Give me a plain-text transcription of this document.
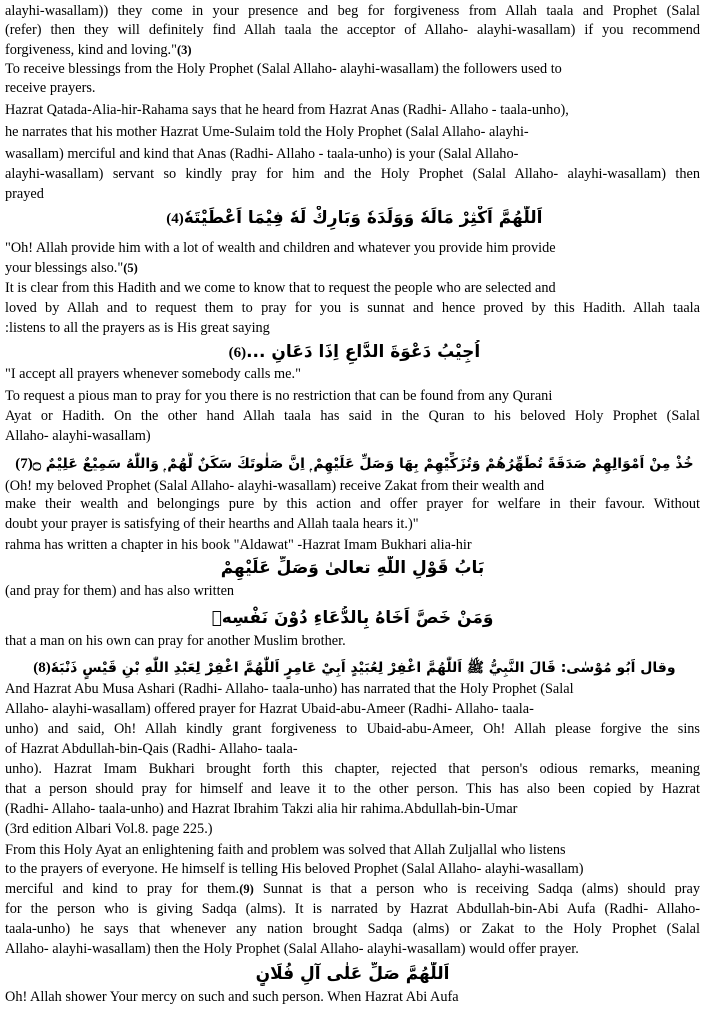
alayhi-wasallam)) they come in your presence and beg for forgiveness from Allah taala and Prophet (Salal
(refer) then they will definitely find Allah taala the acceptor of Allaho- alayhi-wasallam) if you recommend
forgiveness, kind and loving."(3)
To receive blessings from the Holy Prophet (Salal Allaho- alayhi-wasallam) the followers used to
receive prayers.
Hazrat Qatada-Alia-hir-Rahama says that he heard from Hazrat Anas (Radhi- Allaho - taala-unho),
he narrates that his mother Hazrat Ume-Sulaim told the Holy Prophet (Salal Allaho- alayhi-
wasallam) merciful and kind that Anas (Radhi- Allaho - taala-unho) is your (Salal Allaho-
alayhi-wasallam) servant so kindly pray for him and the Holy Prophet (Salal Allaho- alayhi-wasallam) then
prayed
"Oh! Allah provide him with a lot of wealth and children and whatever you provide him provide
your blessings also."(5)
It is clear from this Hadith and we come to know that to request the people who are selected and
loved by Allah and to request them to pray for you is sunnat and hence proved by this Hadith. Allah taala
:listens to all the prayers as is His great saying
"I accept all prayers whenever somebody calls me."
To request a pious man to pray for you there is no restriction that can be found from any Qurani
Ayat or Hadith. On the other hand Allah taala has said in the Quran to his beloved Holy Prophet (Salal
Allaho- alayhi-wasallam)
(Oh! my beloved Prophet (Salal Allaho- alayhi-wasallam) receive Zakat from their wealth and
make their wealth and belongings pure by this action and offer prayer for welfare in their favour. Without
doubt your prayer is satisfying of their hearths and Allah taala hears it.)"
rahma has written a chapter in his book "Aldawat" -Hazrat Imam Bukhari alia-hir
(and pray for them) and has also written
that a man on his own can pray for another Muslim brother.
And Hazrat Abu Musa Ashari (Radhi- Allaho- taala-unho) has narrated that the Holy Prophet (Salal
Allaho- alayhi-wasallam) offered prayer for Hazrat Ubaid-abu-Ameer (Radhi- Allaho- taala-
unho) and said, Oh! Allah kindly grant forgiveness to Ubaid-abu-Ameer, Oh! Allah please forgive the sins
of Hazrat Abdullah-bin-Qais (Radhi- Allaho- taala-
unho). Hazrat Imam Bukhari brought forth this chapter, rejected that person's odious remarks, meaning
that a person should pray for himself and leave it to the other person. This has also been copied by Hazrat
(Radhi- Allaho- taala-unho) and Hazrat Ibrahim Takzi alia hir rahima.Abdullah-bin-Umar
(3rd edition Albari Vol.8. page 225.)
From this Holy Ayat an enlightening faith and problem was solved that Allah Zuljallal who listens
to the prayers of everyone. He himself is telling His beloved Prophet (Salal Allaho- alayhi-wasallam)
merciful and kind to pray for them.(9) Sunnat is that a person who is receiving Sadqa (alms) should pray
for the person who is giving Sadqa (alms). It is narrated by Hazrat Abdullah-bin-Abi Aufa (Radhi- Allaho-
taala-unho) he says that whenever any nation brought Sadqa (alms) or Zakat to the Holy Prophet (Salal
Allaho- alayhi-wasallam) then the Holy Prophet (Salal Allaho- alayhi-wasallam) would offer prayer.
Oh! Allah shower Your mercy on such and such person. When Hazrat Abi Aufa
اَللّٰهُمَّ اَكْثِرْ مَالَهٗ وَوَلَدَهٗ وَبَارِكْ لَهٗ فِيْمَا اَعْطَيْتَهٗ (4)
اُجِيْبُ دَعْوَةَ الدَّاعِ اِذَا دَعَانِ ... (6)
خُذْ مِنْ اَمْوَالِهِمْ صَدَقَةً تُطَهِّرُهُمْ وَتُزَكِّيْهِمْ بِهَا وَصَلِّ عَلَيْهِمْ ۭ اِنَّ صَلٰوتَكَ سَكَنٌ لَّهُمْ ۭ وَاللّٰهُ سَمِيْعٌ عَلِيْمٌ ۝ (7)
بَابُ قَوْلِ اللّٰهِ تعالىٰ وَصَلِّ عَلَيْهِمْ
وَمَنْ خَصَّ اَخَاهُ بِالدُّعَاءِ دُوْنَ نَفْسِهٖ
وقال اَبُو مُوْسٰى: قَالَ النَّبِيُّ ﷺ اَللّٰهُمَّ اغْفِرْ لِعُبَيْدٍ اَبِيْ عَامِرٍ اَللّٰهُمَّ اغْفِرْ لِعَبْدِ اللّٰهِ بْنِ قَيْسٍ ذَنْبَهٗ (8)
اَللّٰهُمَّ صَلِّ عَلٰى آلِ فُلَانٍ
